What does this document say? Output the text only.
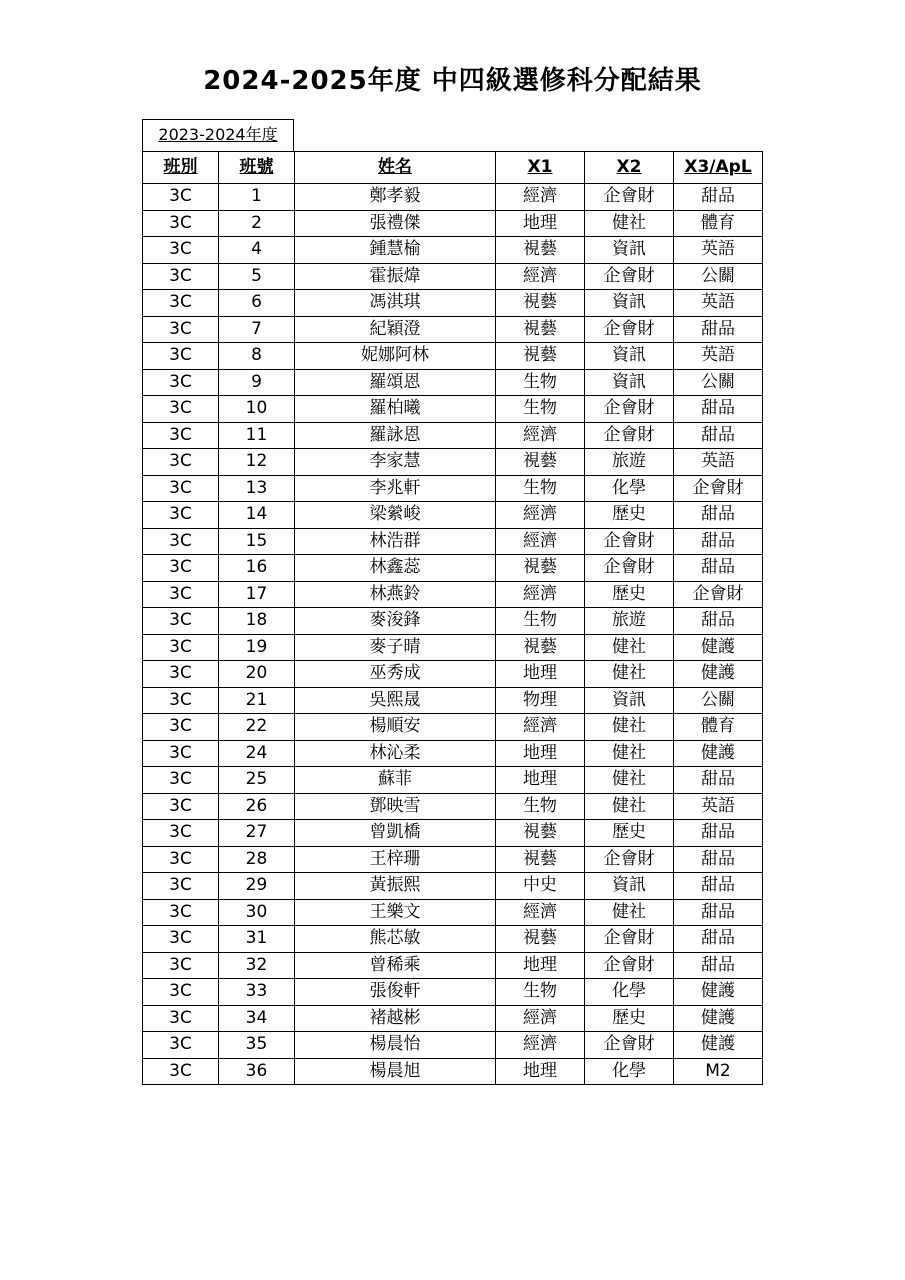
2024-2025年度 中四級選修科分配結果
2023-2024年度
班別	班號	姓名	X1	X2	X3/ApL
3C	1	鄭孝毅	經濟	企會財	甜品
3C	2	張禮傑	地理	健社	體育
3C	4	鍾慧榆	視藝	資訊	英語
3C	5	霍振煒	經濟	企會財	公關
3C	6	馮淇琪	視藝	資訊	英語
3C	7	紀穎澄	視藝	企會財	甜品
3C	8	妮娜阿林	視藝	資訊	英語
3C	9	羅頌恩	生物	資訊	公關
3C	10	羅柏曦	生物	企會財	甜品
3C	11	羅詠恩	經濟	企會財	甜品
3C	12	李家慧	視藝	旅遊	英語
3C	13	李兆軒	生物	化學	企會財
3C	14	梁縈峻	經濟	歷史	甜品
3C	15	林浩群	經濟	企會財	甜品
3C	16	林鑫蕊	視藝	企會財	甜品
3C	17	林燕鈴	經濟	歷史	企會財
3C	18	麥浚鋒	生物	旅遊	甜品
3C	19	麥子晴	視藝	健社	健護
3C	20	巫秀成	地理	健社	健護
3C	21	吳熙晟	物理	資訊	公關
3C	22	楊順安	經濟	健社	體育
3C	24	林沁柔	地理	健社	健護
3C	25	蘇菲	地理	健社	甜品
3C	26	鄧映雪	生物	健社	英語
3C	27	曾凱橋	視藝	歷史	甜品
3C	28	王梓珊	視藝	企會財	甜品
3C	29	黃振熙	中史	資訊	甜品
3C	30	王樂文	經濟	健社	甜品
3C	31	熊芯敏	視藝	企會財	甜品
3C	32	曾稀乘	地理	企會財	甜品
3C	33	張俊軒	生物	化學	健護
3C	34	褚越彬	經濟	歷史	健護
3C	35	楊晨怡	經濟	企會財	健護
3C	36	楊晨旭	地理	化學	M2
